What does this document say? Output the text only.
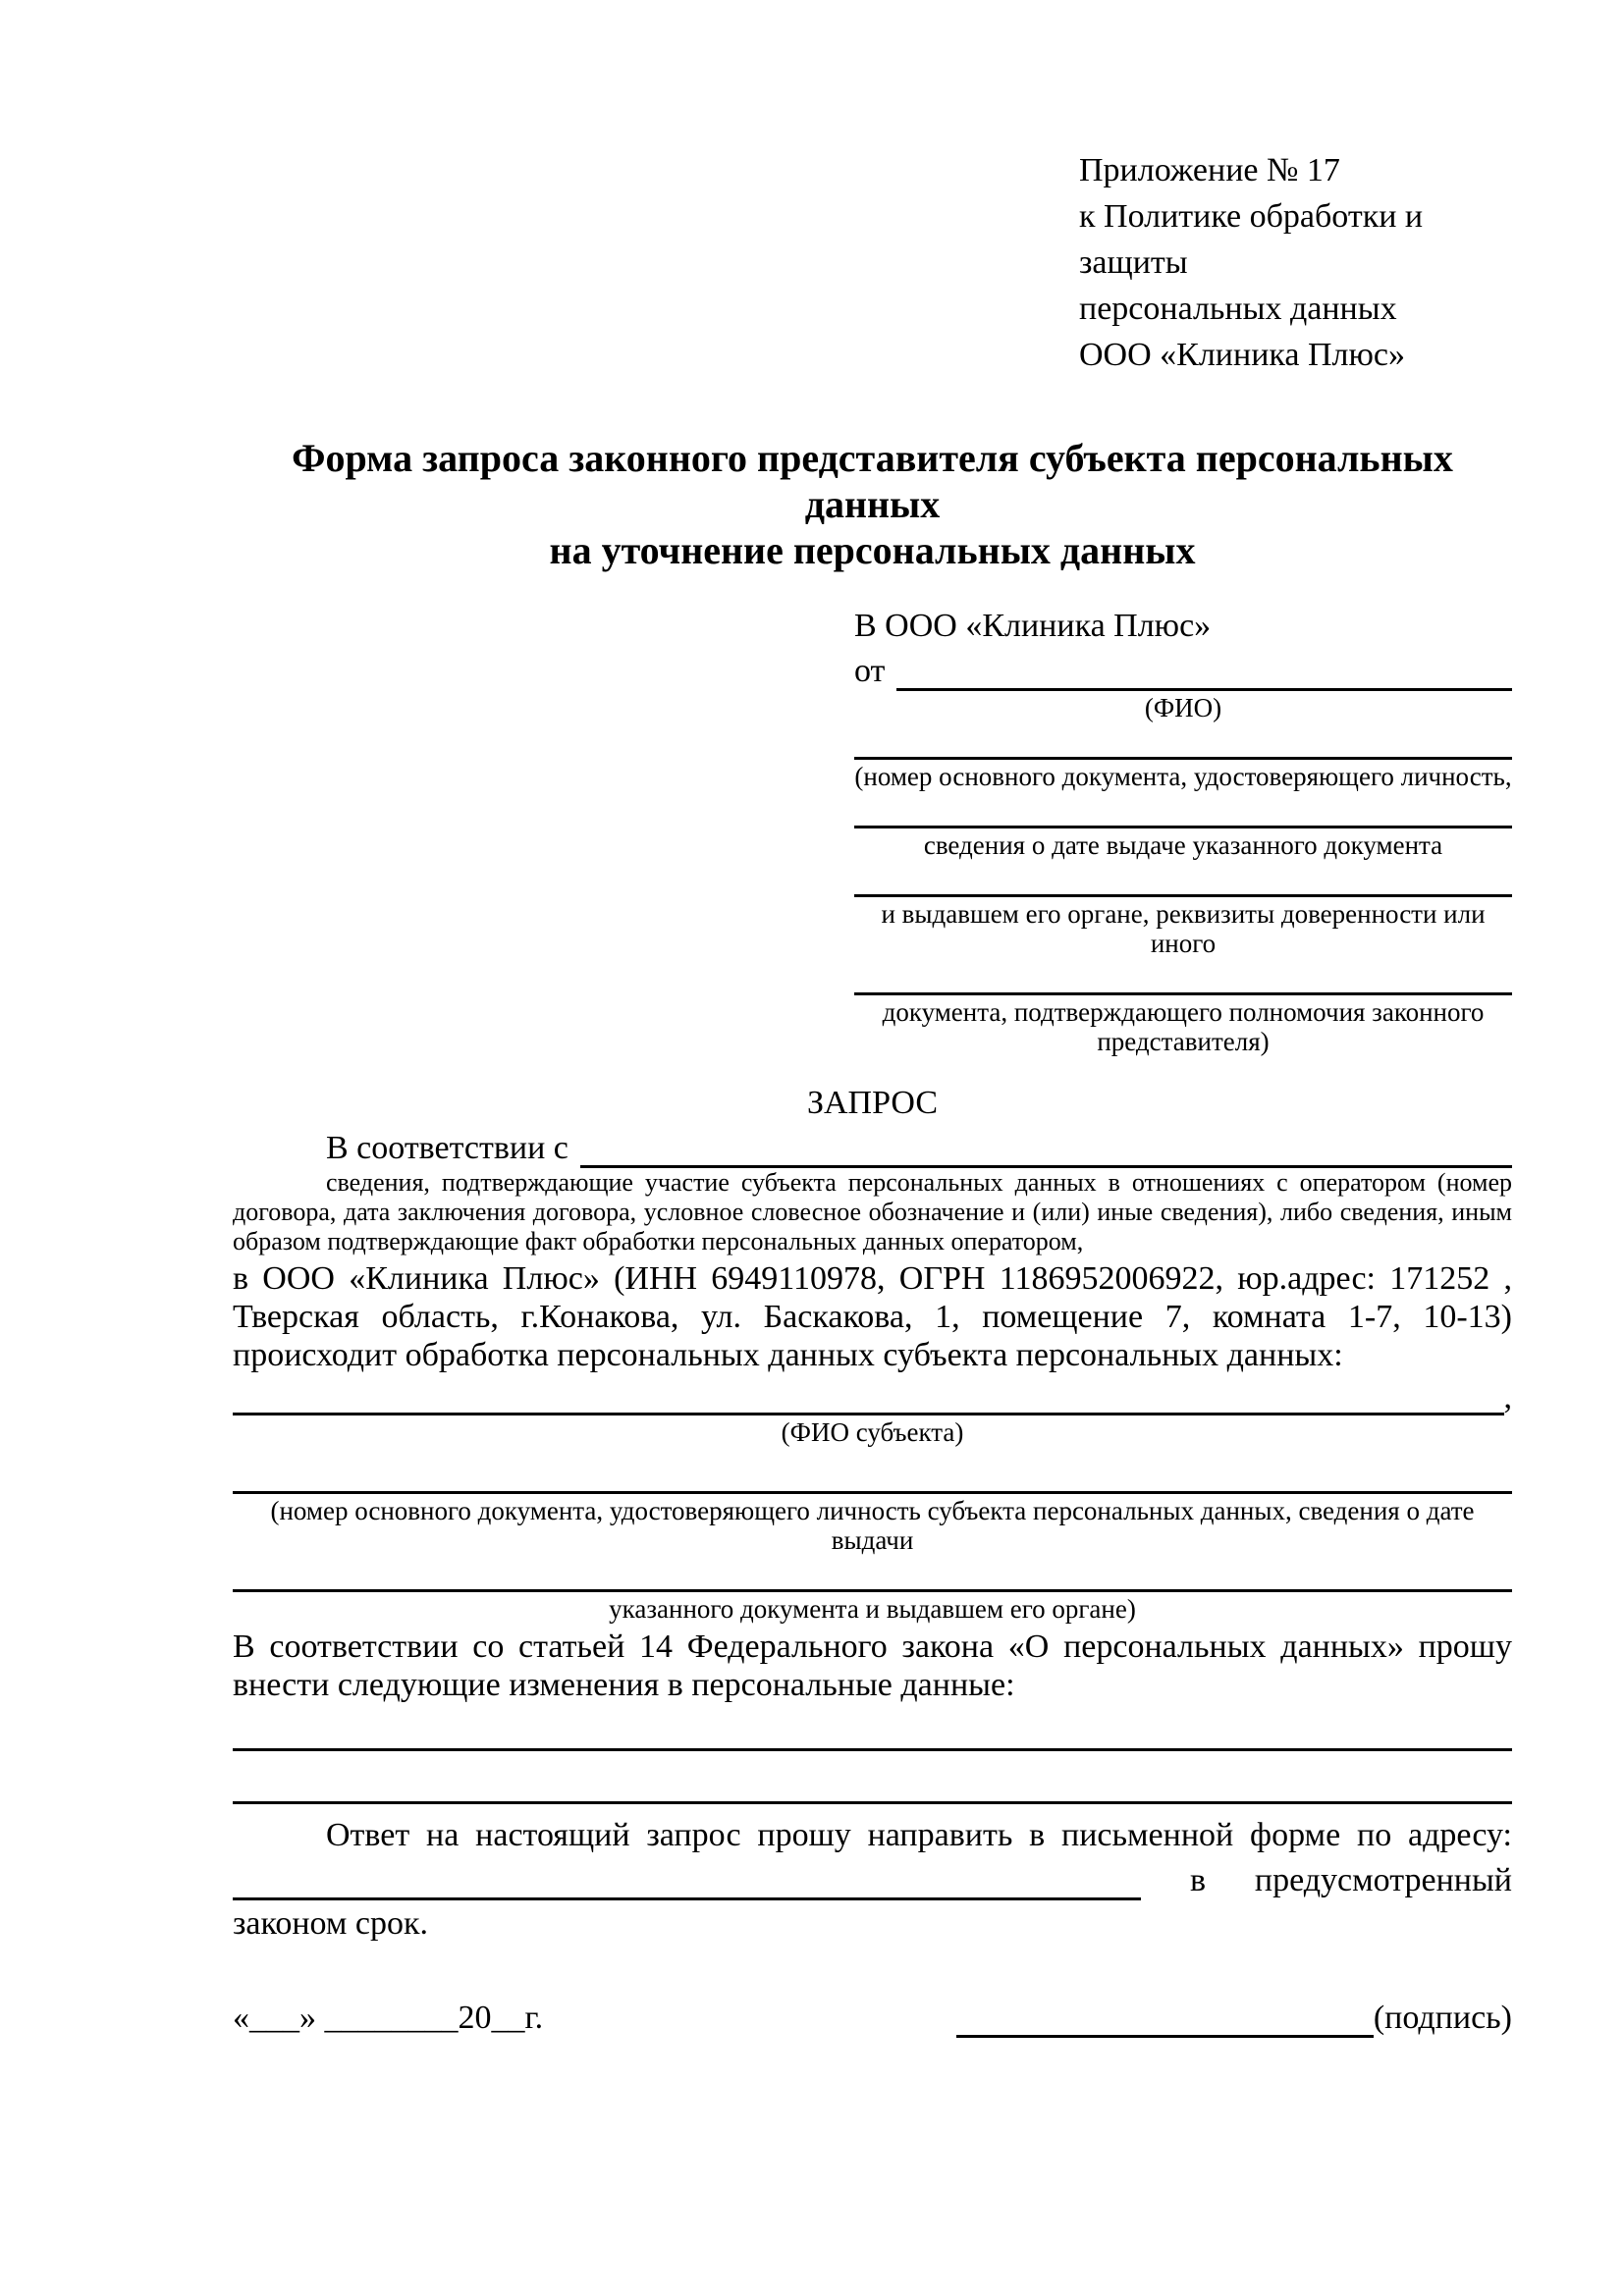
Приложение № 17
к Политике обработки и защиты
персональных данных
ООО «Клиника Плюс»
Форма запроса законного представителя субъекта персональных данных
на уточнение персональных данных
В ООО «Клиника Плюс»
от
(ФИО)
(номер основного документа, удостоверяющего личность,
сведения о дате выдаче указанного документа
и выдавшем его органе, реквизиты доверенности или иного
документа, подтверждающего полномочия законного представителя)
ЗАПРОС
В соответствии с
сведения, подтверждающие участие субъекта персональных данных в отношениях с оператором (номер договора, дата заключения договора, условное словесное обозначение и (или) иные сведения), либо сведения, иным образом подтверждающие факт обработки персональных данных оператором,
в ООО «Клиника Плюс» (ИНН 6949110978, ОГРН 1186952006922, юр.адрес: 171252 , Тверская область, г.Конакова, ул. Баскакова, 1, помещение 7, комната 1-7, 10-13) происходит обработка персональных данных субъекта персональных данных:
,
(ФИО субъекта)
(номер основного документа, удостоверяющего личность субъекта персональных данных, сведения о дате выдачи
указанного документа и выдавшем его органе)
В соответствии со статьей 14 Федерального закона «О персональных данных» прошу внести следующие изменения в персональные данные:
Ответ на настоящий запрос прошу направить в письменной форме по адресу:
в предусмотренный
законом срок.
«___» ________20__г.	(подпись)
